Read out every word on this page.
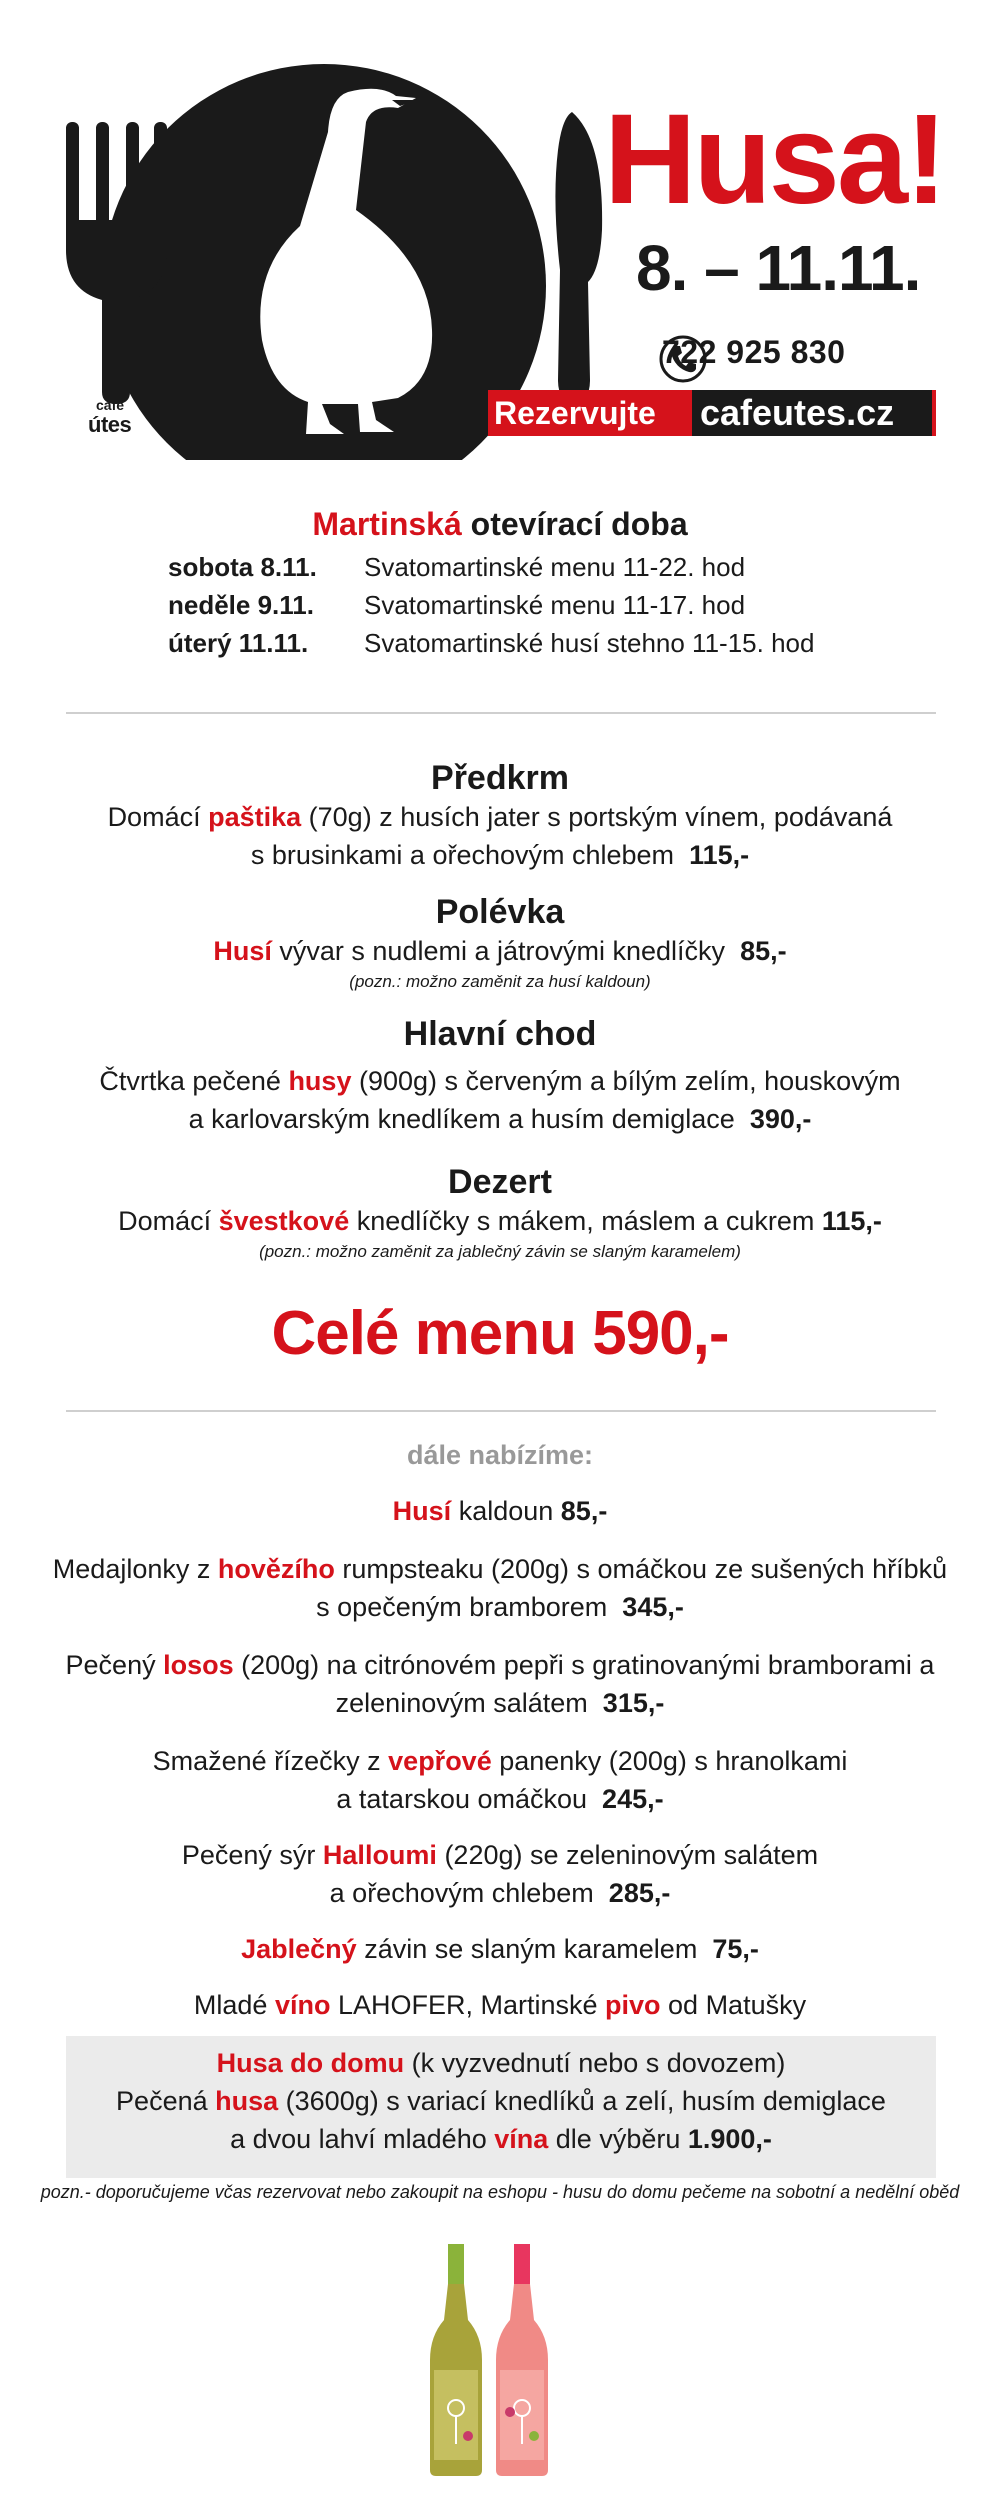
Husa!
8. – 11.11.
722 925 830
Rezervujte cafeutes.cz
café
útes
Martinská otevírací doba
sobota 8.11.	Svatomartinské menu 11-22. hod
neděle 9.11.	Svatomartinské menu 11-17. hod
úterý 11.11.	Svatomartinské husí stehno 11-15. hod
Předkrm
Domácí paštika (70g) z husích jater s portským vínem, podávaná
s brusinkami a ořechovým chlebem 115,-
Polévka
Husí vývar s nudlemi a játrovými knedlíčky 85,-
(pozn.: možno zaměnit za husí kaldoun)
Hlavní chod
Čtvrtka pečené husy (900g) s červeným a bílým zelím, houskovým
a karlovarským knedlíkem a husím demiglace 390,-
Dezert
Domácí švestkové knedlíčky s mákem, máslem a cukrem 115,-
(pozn.: možno zaměnit za jablečný závin se slaným karamelem)
Celé menu 590,-
dále nabízíme:
Husí kaldoun 85,-
Medajlonky z hovězího rumpsteaku (200g) s omáčkou ze sušených hříbků
s opečeným bramborem  345,-
Pečený losos (200g) na citrónovém pepři s gratinovanými bramborami a
zeleninovým salátem  315,-
Smažené řízečky z vepřové panenky (200g) s hranolkami
a tatarskou omáčkou  245,-
Pečený sýr Halloumi (220g) se zeleninovým salátem
a ořechovým chlebem  285,-
Jablečný závin se slaným karamelem  75,-
Mladé víno LAHOFER, Martinské pivo od Matušky
Husa do domu (k vyzvednutí nebo s dovozem)
Pečená husa (3600g) s variací knedlíků a zelí, husím demiglace
a dvou lahví mladého vína dle výběru 1.900,-
pozn.- doporučujeme včas rezervovat nebo zakoupit na eshopu - husu do domu pečeme na sobotní a nedělní oběd
